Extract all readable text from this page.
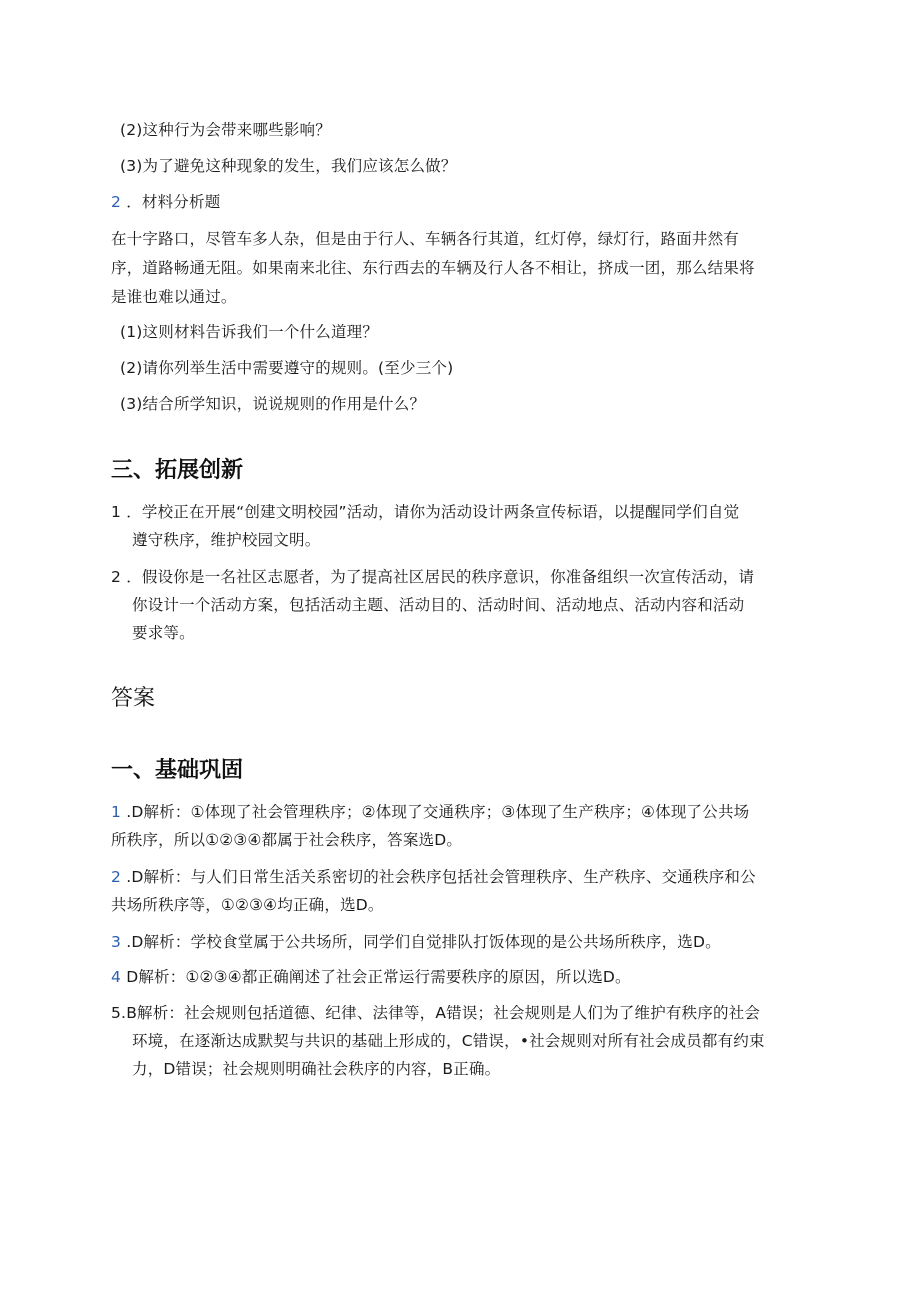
(2)这种行为会带来哪些影响？
(3)为了避免这种现象的发生，我们应该怎么做？
2 ．材料分析题
在十字路口，尽管车多人杂，但是由于行人、车辆各行其道，红灯停，绿灯行，路面井然有
序，道路畅通无阻。如果南来北往、东行西去的车辆及行人各不相让，挤成一团，那么结果将
是谁也难以通过。
(1)这则材料告诉我们一个什么道理？
(2)请你列举生活中需要遵守的规则。(至少三个)
(3)结合所学知识，说说规则的作用是什么？
三、拓展创新
1 ．学校正在开展“创建文明校园”活动，请你为活动设计两条宣传标语，以提醒同学们自觉
遵守秩序，维护校园文明。
2 ．假设你是一名社区志愿者，为了提高社区居民的秩序意识，你准备组织一次宣传活动，请
你设计一个活动方案，包括活动主题、活动目的、活动时间、活动地点、活动内容和活动
要求等。
答案
一、基础巩固
1 .D解析：①体现了社会管理秩序；②体现了交通秩序；③体现了生产秩序；④体现了公共场
所秩序，所以①②③④都属于社会秩序，答案选D。
2 .D解析：与人们日常生活关系密切的社会秩序包括社会管理秩序、生产秩序、交通秩序和公
共场所秩序等，①②③④均正确，选D。
3 .D解析：学校食堂属于公共场所，同学们自觉排队打饭体现的是公共场所秩序，选D。
4 D解析：①②③④都正确阐述了社会正常运行需要秩序的原因，所以选D。
5.B解析：社会规则包括道德、纪律、法律等，A错误；社会规则是人们为了维护有秩序的社会
环境，在逐渐达成默契与共识的基础上形成的，C错误，•社会规则对所有社会成员都有约束
力，D错误；社会规则明确社会秩序的内容，B正确。
